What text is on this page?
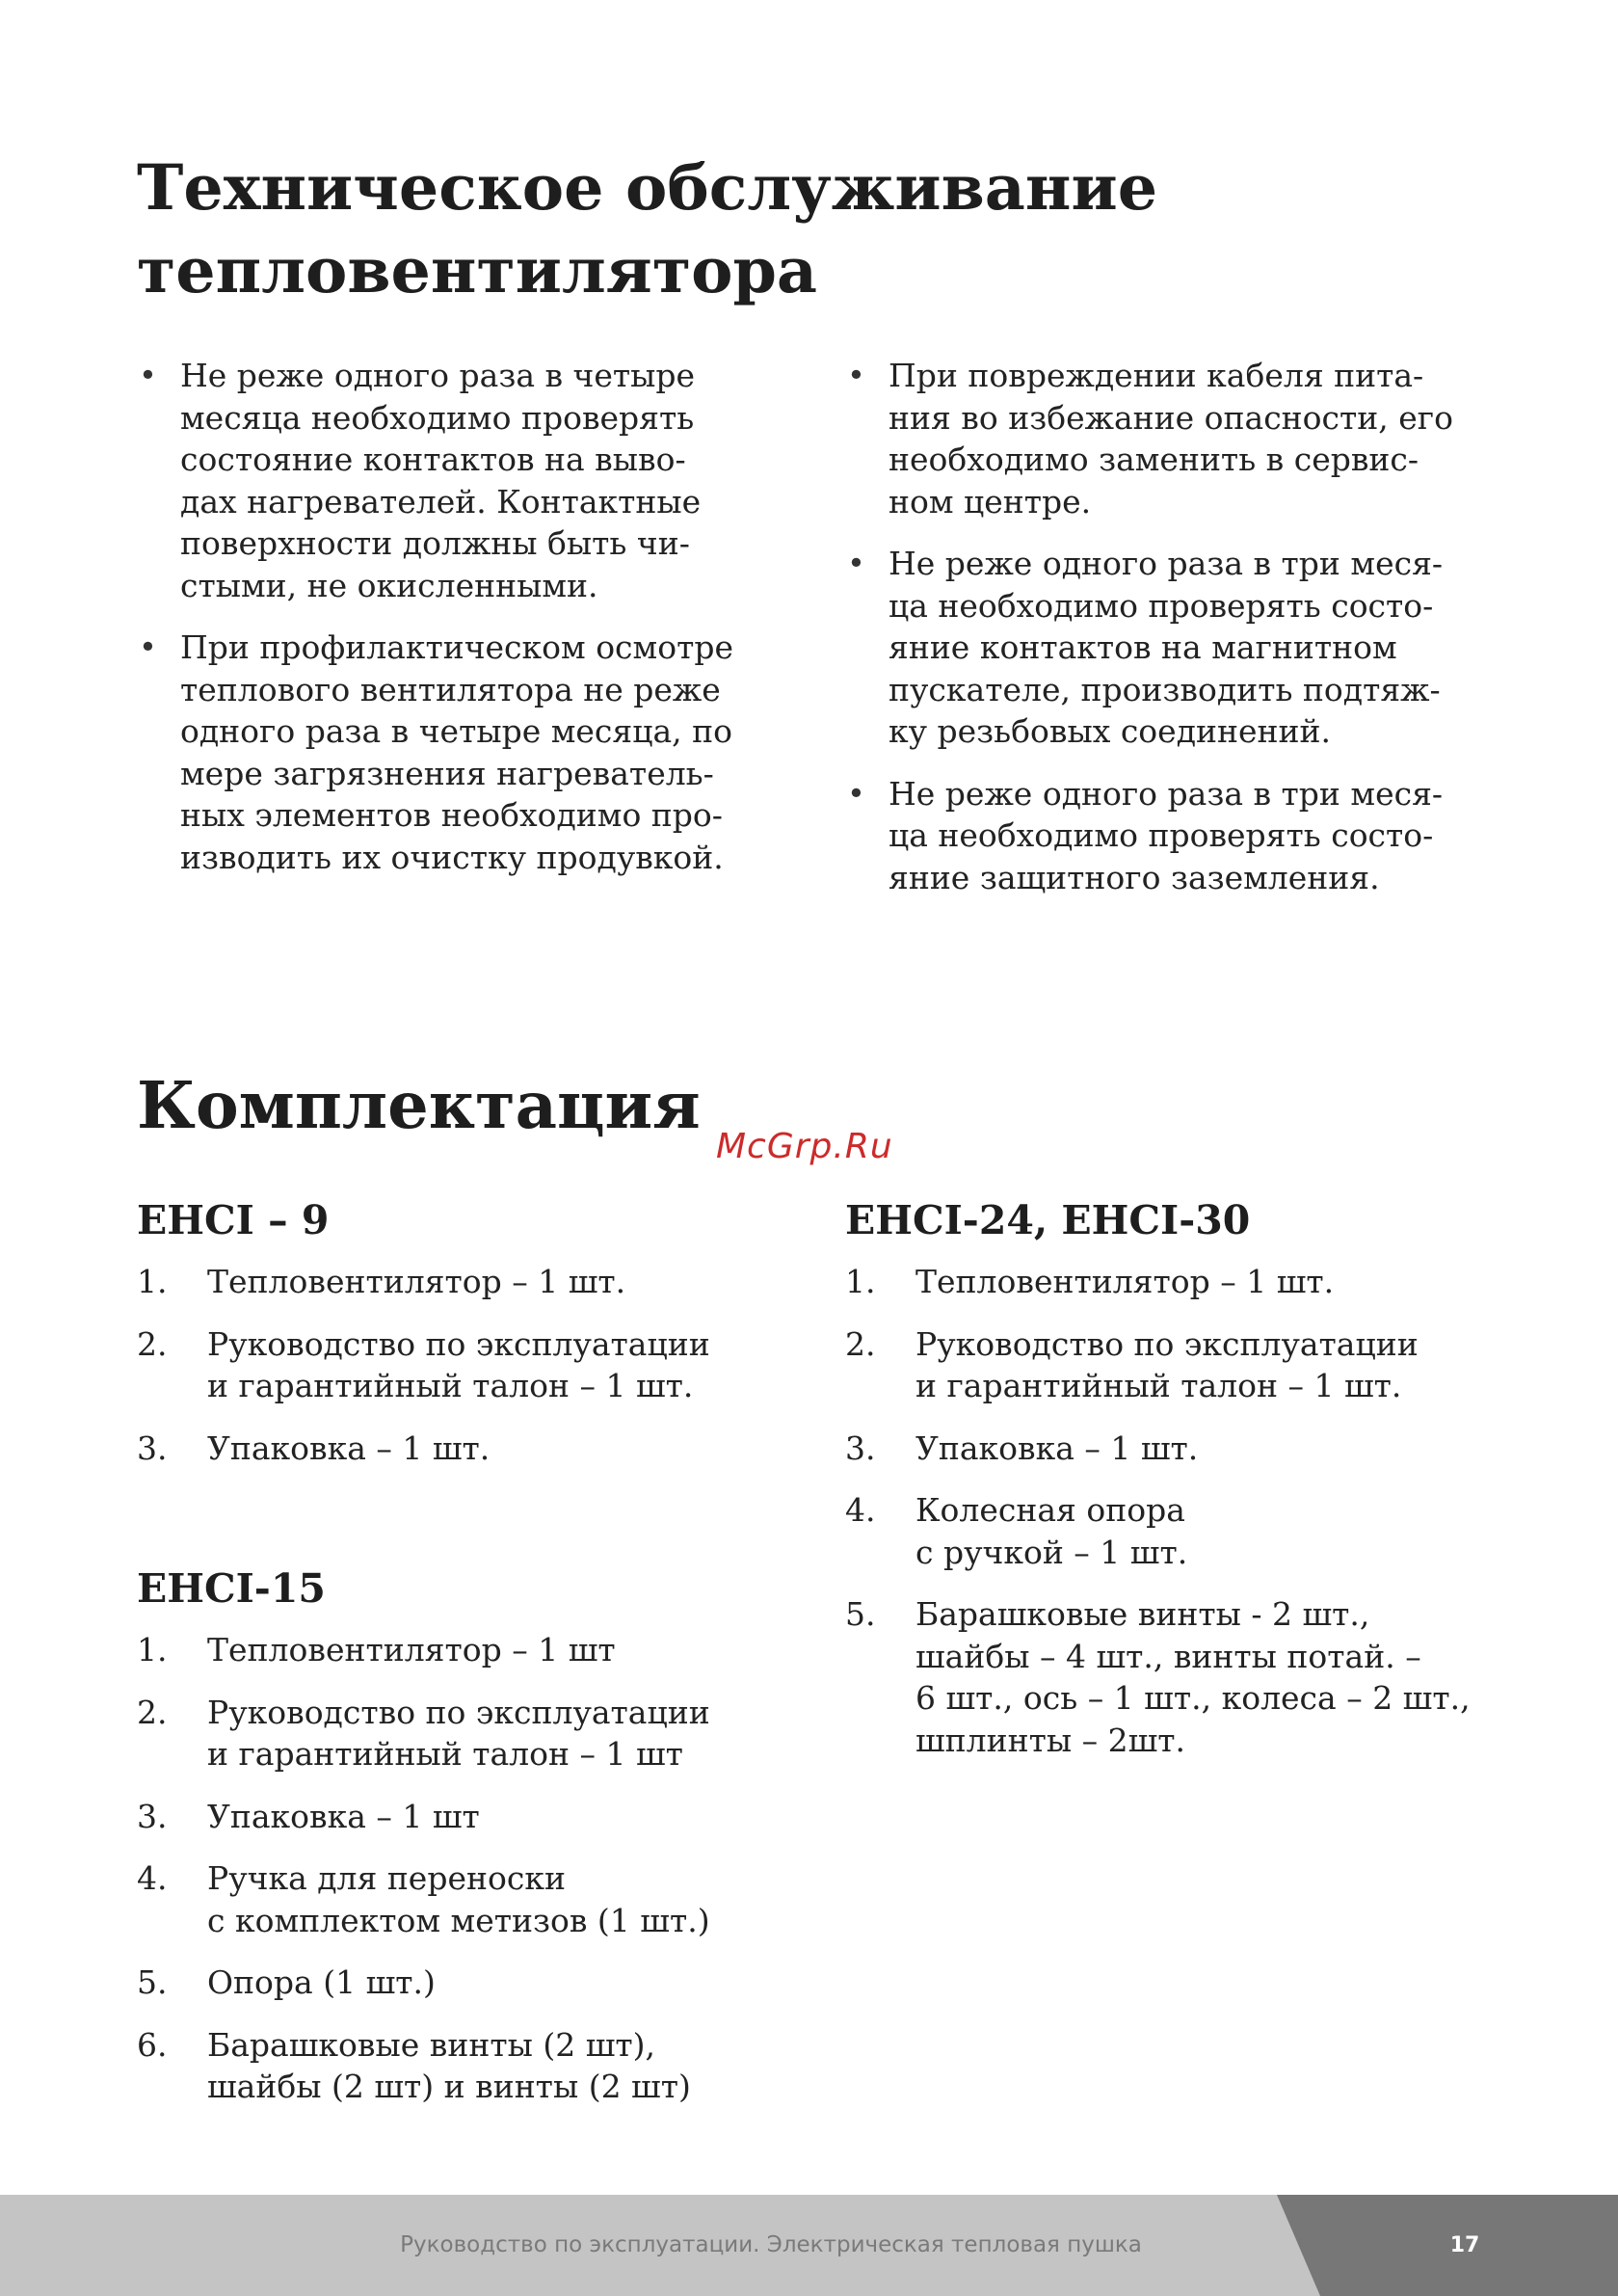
Техническое обслуживание
тепловентилятора
• Не реже одного раза в четыре
месяца необходимо проверять
состояние контактов на выво-
дах нагревателей. Контактные
поверхности должны быть чи-
стыми, не окисленными.
• При профилактическом осмотре
теплового вентилятора не реже
одного раза в четыре месяца, по
мере загрязнения нагреватель-
ных элементов необходимо про-
изводить их очистку продувкой.
• При повреждении кабеля пита-
ния во избежание опасности, его
необходимо заменить в сервис-
ном центре.
• Не реже одного раза в три меся-
ца необходимо проверять состо-
яние контактов на магнитном
пускателе, производить подтяж-
ку резьбовых соединений.
• Не реже одного раза в три меся-
ца необходимо проверять состо-
яние защитного заземления.
Комплектация
McGrp.Ru
EHCI – 9
1. Тепловентилятор – 1 шт.
2. Руководство по эксплуатации
и гарантийный талон – 1 шт.
3. Упаковка – 1 шт.
EHCI-15
1. Тепловентилятор – 1 шт
2. Руководство по эксплуатации
и гарантийный талон – 1 шт
3. Упаковка – 1 шт
4. Ручка для переноски
с комплектом метизов (1 шт.)
5. Опора (1 шт.)
6. Барашковые винты (2 шт),
шайбы (2 шт) и винты (2 шт)
EHCI-24, EHCI-30
1. Тепловентилятор – 1 шт.
2. Руководство по эксплуатации
и гарантийный талон – 1 шт.
3. Упаковка – 1 шт.
4. Колесная опора
с ручкой – 1 шт.
5. Барашковые винты - 2 шт.,
шайбы – 4 шт., винты потай. –
6 шт., ось – 1 шт., колеса – 2 шт.,
шплинты – 2шт.
Руководство по эксплуатации. Электрическая тепловая пушка	17
